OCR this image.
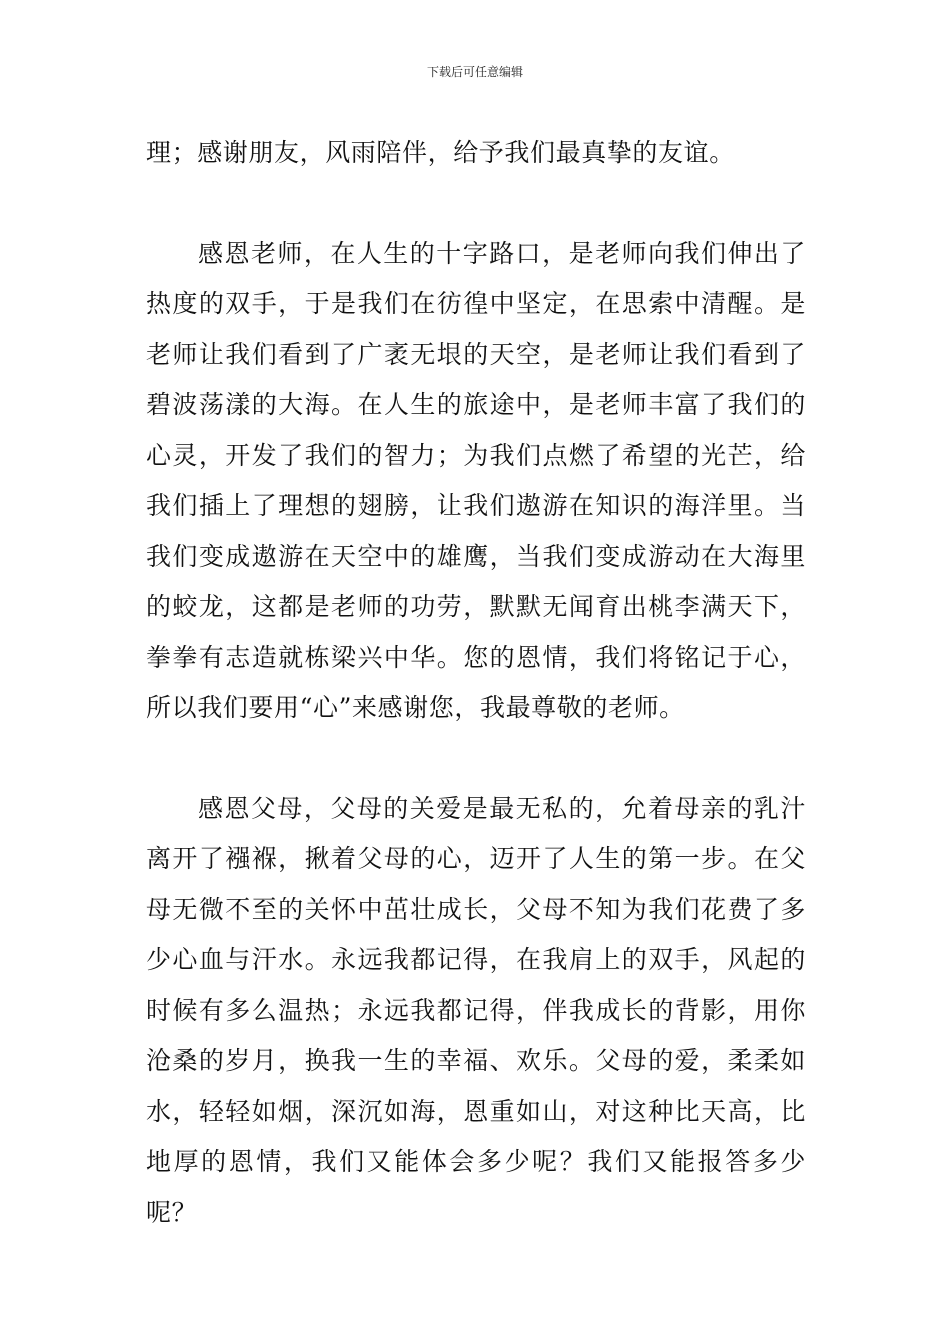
下载后可任意编辑

理；感谢朋友，风雨陪伴，给予我们最真挚的友谊。

感恩老师，在人生的十字路口，是老师向我们伸出了热度的双手，于是我们在彷徨中坚定，在思索中清醒。是老师让我们看到了广袤无垠的天空，是老师让我们看到了碧波荡漾的大海。在人生的旅途中，是老师丰富了我们的心灵，开发了我们的智力；为我们点燃了希望的光芒，给我们插上了理想的翅膀，让我们遨游在知识的海洋里。当我们变成遨游在天空中的雄鹰，当我们变成游动在大海里的蛟龙，这都是老师的功劳，默默无闻育出桃李满天下，拳拳有志造就栋梁兴中华。您的恩情，我们将铭记于心，所以我们要用“心”来感谢您，我最尊敬的老师。

感恩父母，父母的关爱是最无私的，允着母亲的乳汁离开了襁褓，揪着父母的心，迈开了人生的第一步。在父母无微不至的关怀中茁壮成长，父母不知为我们花费了多少心血与汗水。永远我都记得，在我肩上的双手，风起的时候有多么温热；永远我都记得，伴我成长的背影，用你沧桑的岁月，换我一生的幸福、欢乐。父母的爱，柔柔如水，轻轻如烟，深沉如海，恩重如山，对这种比天高，比地厚的恩情，我们又能体会多少呢？我们又能报答多少呢？
